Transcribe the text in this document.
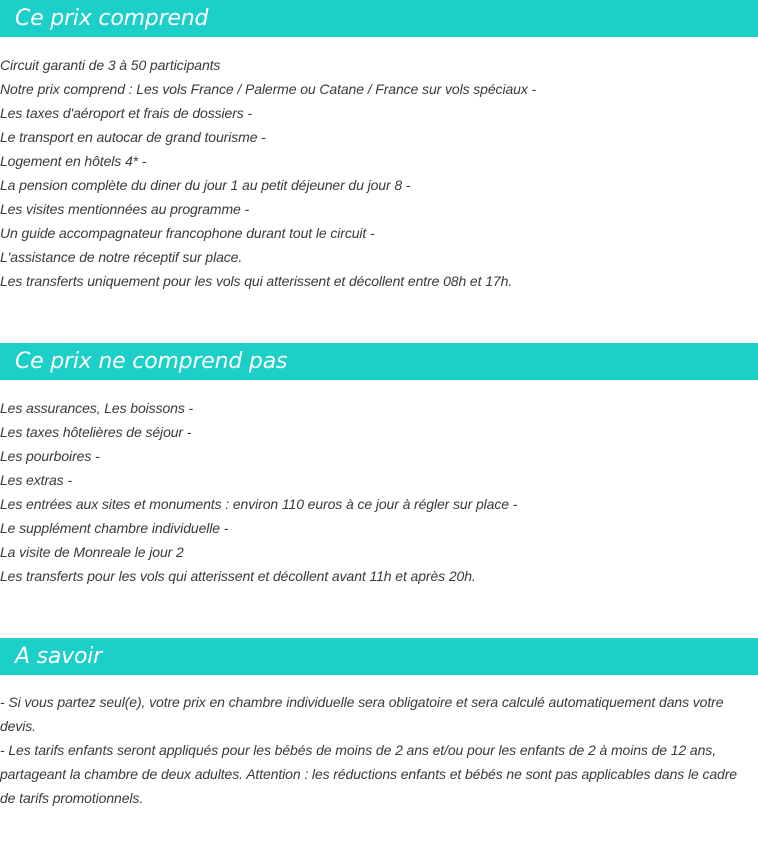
Ce prix comprend
Circuit garanti de 3 à 50 participants
Notre prix comprend : Les vols France / Palerme ou Catane / France sur vols spéciaux -
Les taxes d'aéroport et frais de dossiers -
Le transport en autocar de grand tourisme -
Logement en hôtels 4* -
La pension complète du diner du jour 1 au petit déjeuner du jour 8 -
Les visites mentionnées au programme -
Un guide accompagnateur francophone durant tout le circuit -
L'assistance de notre réceptif sur place.
Les transferts uniquement pour les vols qui atterissent et décollent entre 08h et 17h.
Ce prix ne comprend pas
Les assurances, Les boissons -
Les taxes hôtelières de séjour -
Les pourboires -
Les extras -
Les entrées aux sites et monuments : environ 110 euros à ce jour à régler sur place -
Le supplément chambre individuelle -
La visite de Monreale le jour 2
Les transferts pour les vols qui atterissent et décollent avant 11h et après 20h.
A savoir

- Si vous partez seul(e), votre prix en chambre individuelle sera obligatoire et sera calculé automatiquement dans votre devis.

- Les tarifs enfants seront appliqués pour les bébés de moins de 2 ans et/ou pour les enfants de 2 à moins de 12 ans, partageant la chambre de deux adultes. Attention : les réductions enfants et bébés ne sont pas applicables dans le cadre de tarifs promotionnels.
